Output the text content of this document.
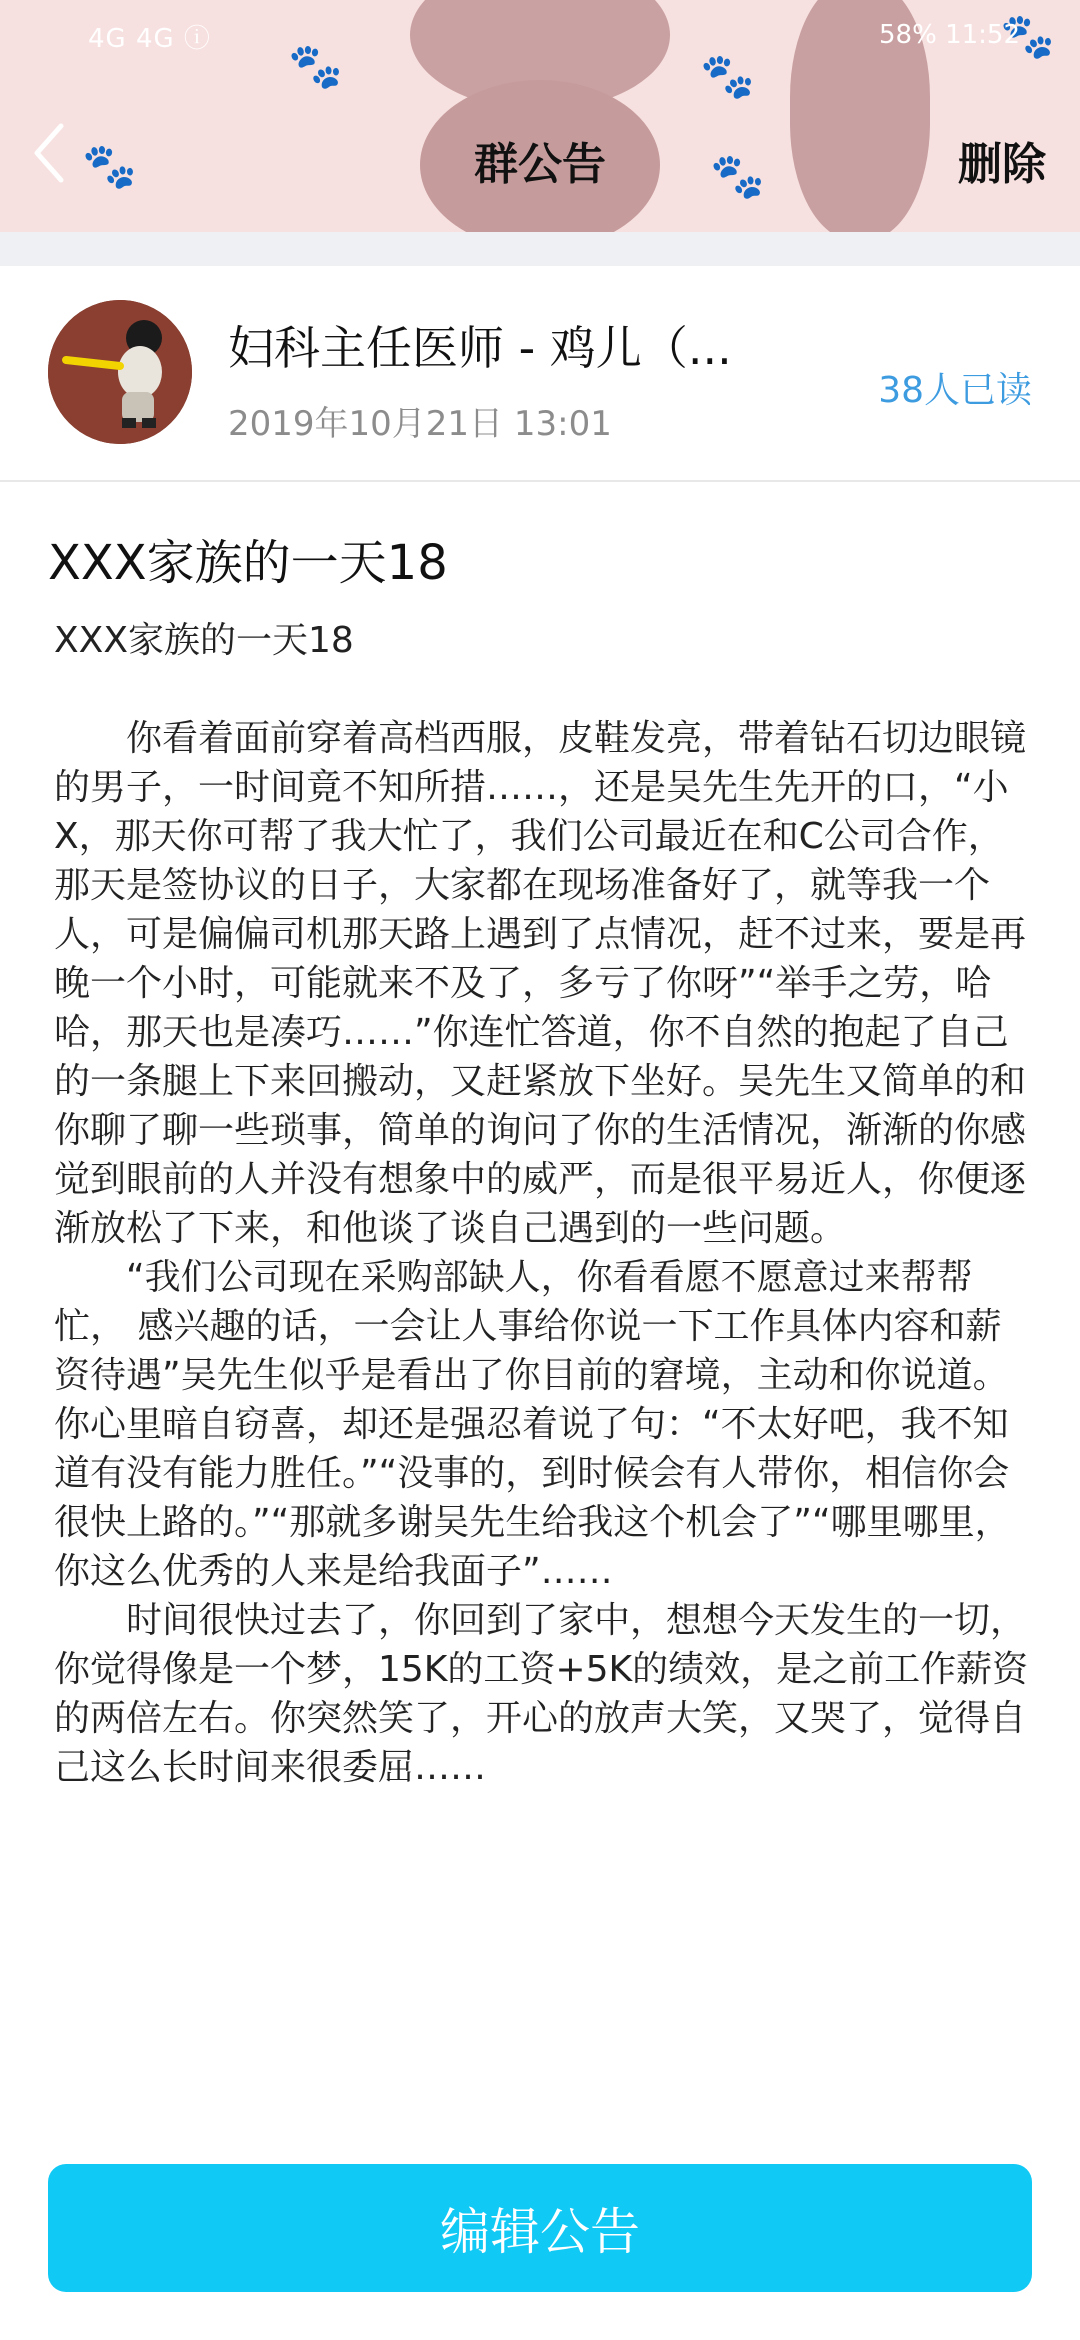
🐾
🐾	🐾
🐾
🐾
4G 4G ⓘ	58% 11:52
群公告	删除
妇科主任医师 - 鸡儿（...
2019年10月21日 13:01
38人已读
XXX家族的一天18
XXX家族的一天18

你看着面前穿着高档西服，皮鞋发亮，带着钻石切边眼镜的男子，一时间竟不知所措……，还是吴先生先开的口，“小X，那天你可帮了我大忙了，我们公司最近在和C公司合作，那天是签协议的日子，大家都在现场准备好了，就等我一个人，可是偏偏司机那天路上遇到了点情况，赶不过来，要是再晚一个小时，可能就来不及了，多亏了你呀”“举手之劳，哈哈，那天也是凑巧……”你连忙答道，你不自然的抱起了自己的一条腿上下来回搬动，又赶紧放下坐好。吴先生又简单的和你聊了聊一些琐事，简单的询问了你的生活情况，渐渐的你感觉到眼前的人并没有想象中的威严，而是很平易近人，你便逐渐放松了下来，和他谈了谈自己遇到的一些问题。

“我们公司现在采购部缺人，你看看愿不愿意过来帮帮忙， 感兴趣的话，一会让人事给你说一下工作具体内容和薪资待遇”吴先生似乎是看出了你目前的窘境，主动和你说道。你心里暗自窃喜，却还是强忍着说了句：“不太好吧，我不知道有没有能力胜任。”“没事的，到时候会有人带你，相信你会很快上路的。”“那就多谢吴先生给我这个机会了”“哪里哪里，你这么优秀的人来是给我面子”……

时间很快过去了，你回到了家中，想想今天发生的一切，你觉得像是一个梦，15K的工资+5K的绩效，是之前工作薪资的两倍左右。你突然笑了，开心的放声大笑，又哭了，觉得自己这么长时间来很委屈……

编辑公告
